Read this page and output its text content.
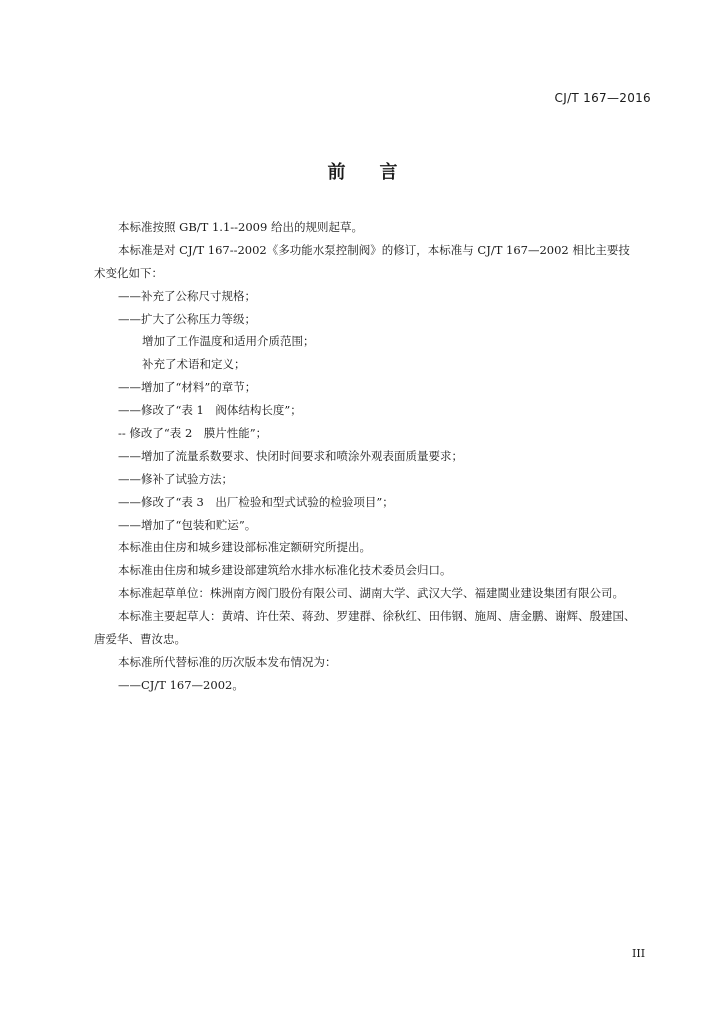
CJ/T 167—2016
前言
本标准按照 GB/T 1.1--2009 给出的规则起草。
本标准是对 CJ/T 167--2002《多功能水泵控制阀》的修订，本标准与 CJ/T 167—2002 相比主要技
术变化如下：
——补充了公称尺寸规格；
——扩大了公称压力等级；
增加了工作温度和适用介质范围；
补充了术语和定义；
——增加了“材料”的章节；
——修改了“表 1　阀体结构长度”；
-- 修改了“表 2　膜片性能”；
——增加了流量系数要求、快闭时间要求和喷涂外观表面质量要求；
——修补了试验方法；
——修改了“表 3　出厂检验和型式试验的检验项目”；
——增加了“包装和贮运”。
本标准由住房和城乡建设部标准定额研究所提出。
本标准由住房和城乡建设部建筑给水排水标准化技术委员会归口。
本标准起草单位：株洲南方阀门股份有限公司、湖南大学、武汉大学、福建閩业建设集团有限公司。
本标准主要起草人：黄靖、许仕荣、蒋劲、罗建群、徐秋红、田伟钢、施周、唐金鹏、谢辉、殷建国、
唐爱华、曹汝忠。
本标准所代替标准的历次版本发布情况为：
——CJ/T 167—2002。
III
